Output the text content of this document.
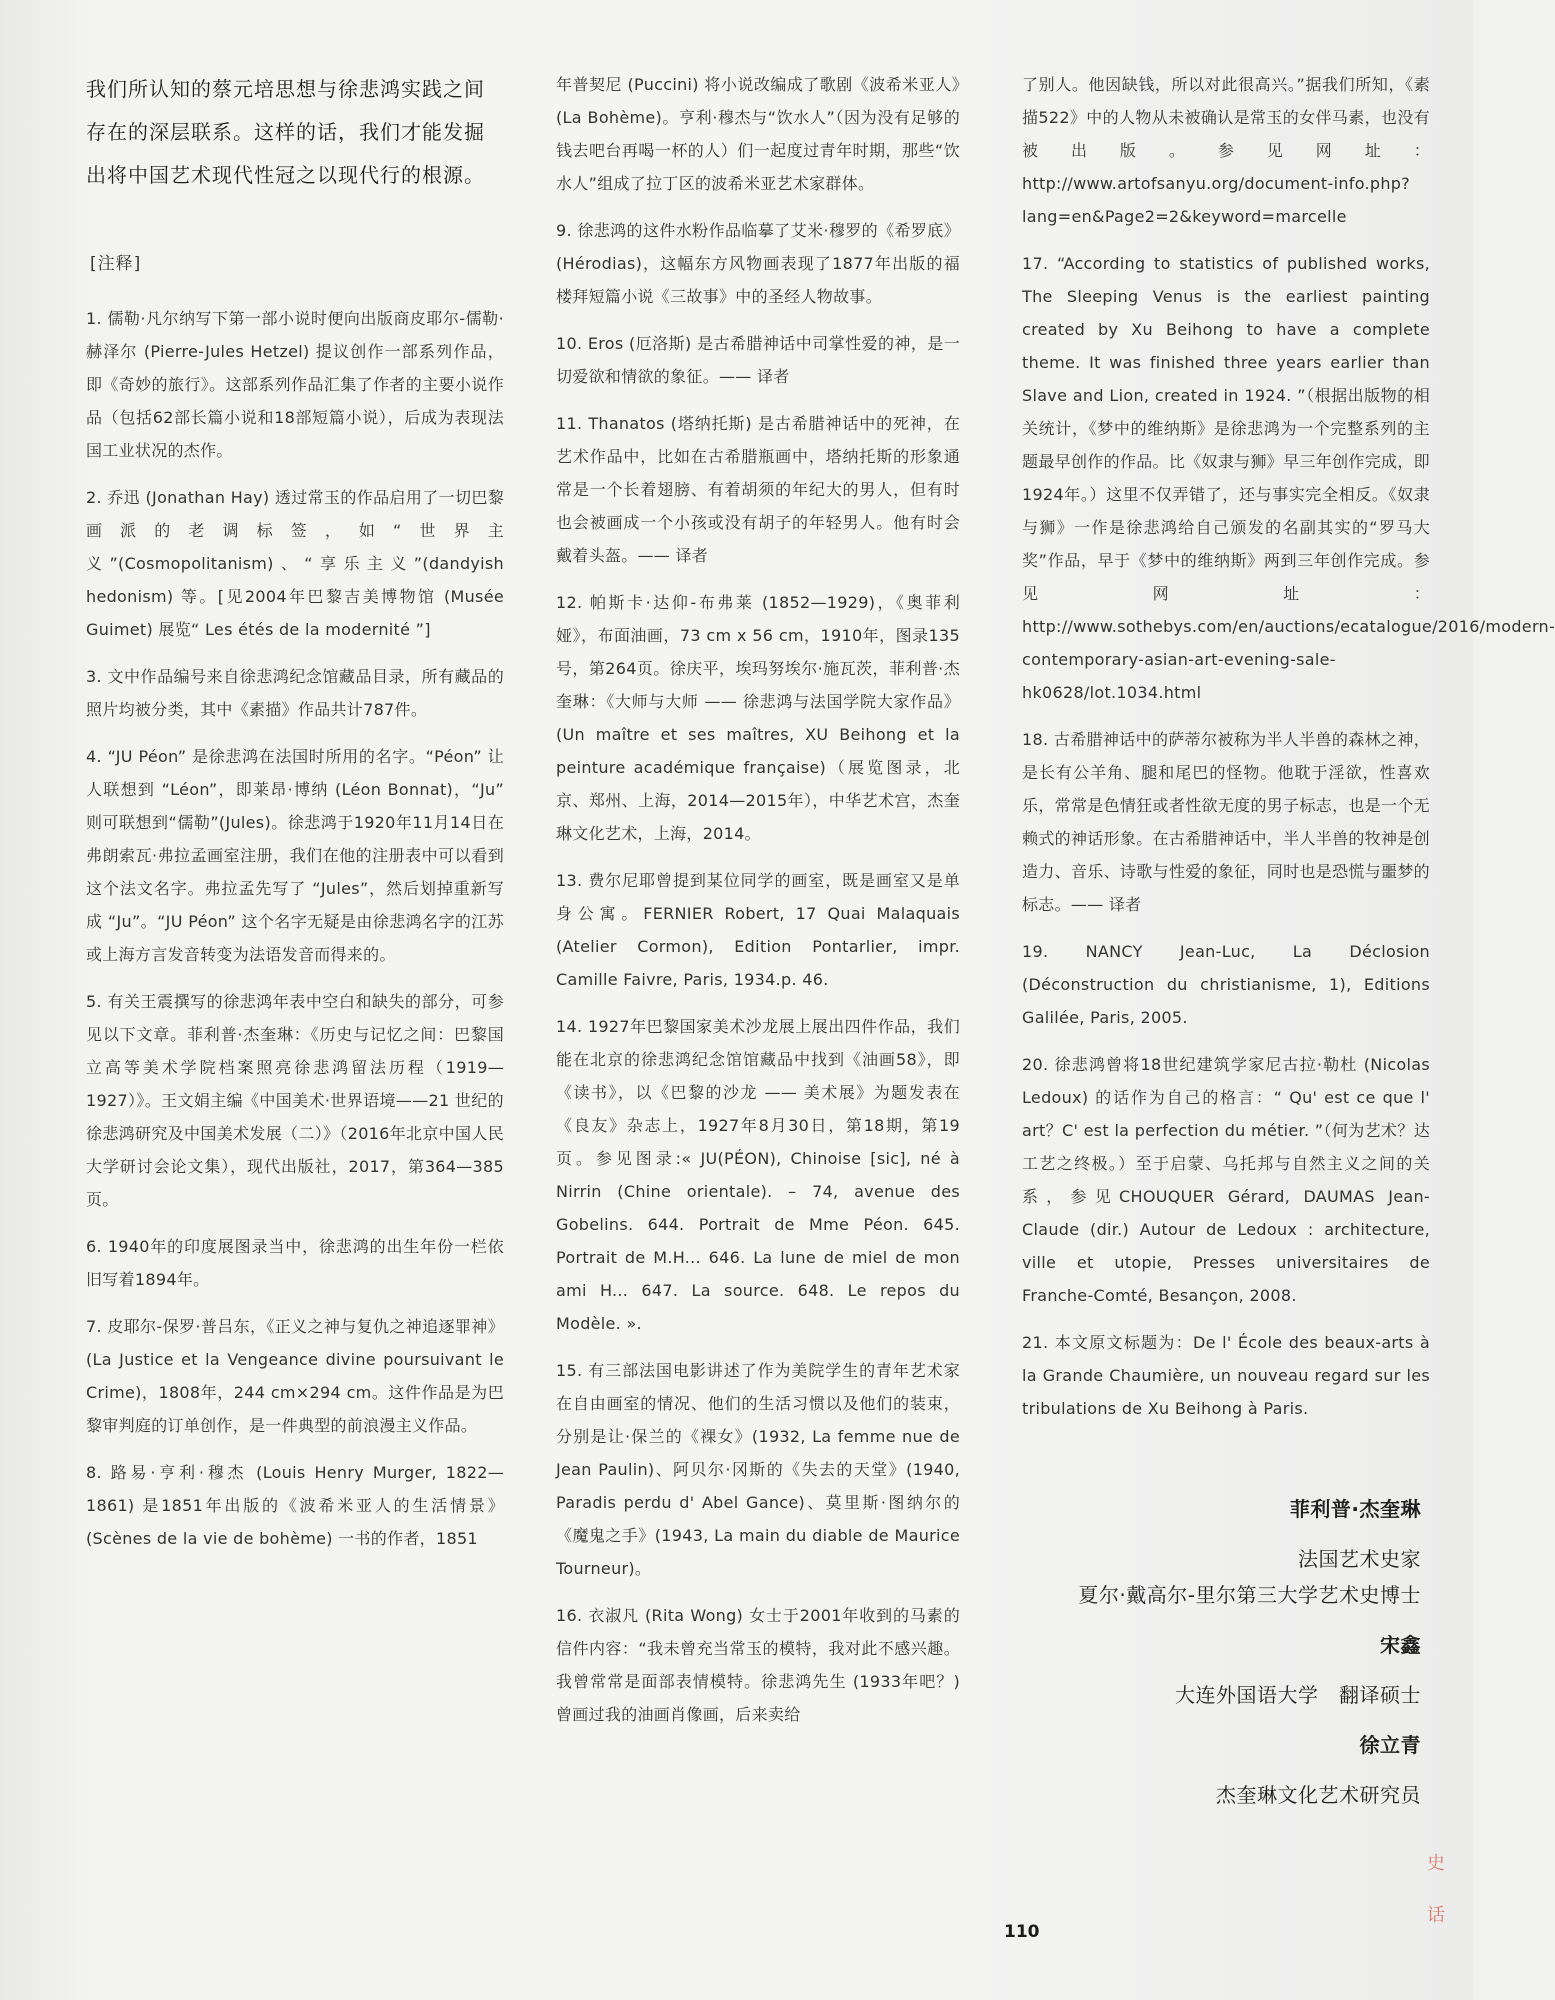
我们所认知的蔡元培思想与徐悲鸿实践之间存在的深层联系。这样的话，我们才能发掘出将中国艺术现代性冠之以现代行的根源。

[注释]

1. 儒勒·凡尔纳写下第一部小说时便向出版商皮耶尔-儒勒·赫泽尔 (Pierre-Jules Hetzel) 提议创作一部系列作品，即《奇妙的旅行》。这部系列作品汇集了作者的主要小说作品（包括62部长篇小说和18部短篇小说），后成为表现法国工业状况的杰作。

2. 乔迅 (Jonathan Hay) 透过常玉的作品启用了一切巴黎画派的老调标签，如“世界主义”(Cosmopolitanism)、“享乐主义”(dandyish hedonism) 等。[见2004年巴黎吉美博物馆 (Musée Guimet) 展览“ Les étés de la modernité ”]

3. 文中作品编号来自徐悲鸿纪念馆藏品目录，所有藏品的照片均被分类，其中《素描》作品共计787件。

4. “JU Péon” 是徐悲鸿在法国时所用的名字。“Péon” 让人联想到 “Léon”，即莱昂·博纳 (Léon Bonnat)，“Ju” 则可联想到“儒勒”(Jules)。徐悲鸿于1920年11月14日在弗朗索瓦·弗拉孟画室注册，我们在他的注册表中可以看到这个法文名字。弗拉孟先写了 “Jules”，然后划掉重新写成 “Ju”。“JU Péon” 这个名字无疑是由徐悲鸿名字的江苏或上海方言发音转变为法语发音而得来的。

5. 有关王震撰写的徐悲鸿年表中空白和缺失的部分，可参见以下文章。菲利普·杰奎琳：《历史与记忆之间：巴黎国立高等美术学院档案照亮徐悲鸿留法历程（1919—1927）》。王文娟主编《中国美术·世界语境——21 世纪的徐悲鸿研究及中国美术发展（二）》（2016年北京中国人民大学研讨会论文集），现代出版社，2017，第364—385页。

6. 1940年的印度展图录当中，徐悲鸿的出生年份一栏依旧写着1894年。

7. 皮耶尔-保罗·普吕东，《正义之神与复仇之神追逐罪神》(La Justice et la Vengeance divine poursuivant le Crime)，1808年，244 cm×294 cm。这件作品是为巴黎审判庭的订单创作，是一件典型的前浪漫主义作品。

8. 路易·亨利·穆杰 (Louis Henry Murger, 1822—1861) 是1851年出版的《波希米亚人的生活情景》(Scènes de la vie de bohème) 一书的作者，1851

年普契尼 (Puccini) 将小说改编成了歌剧《波希米亚人》(La Bohème)。亨利·穆杰与“饮水人”（因为没有足够的钱去吧台再喝一杯的人）们一起度过青年时期，那些“饮水人”组成了拉丁区的波希米亚艺术家群体。

9. 徐悲鸿的这件水粉作品临摹了艾米·穆罗的《希罗底》(Hérodias)，这幅东方风物画表现了1877年出版的福楼拜短篇小说《三故事》中的圣经人物故事。

10. Eros (厄洛斯) 是古希腊神话中司掌性爱的神，是一切爱欲和情欲的象征。—— 译者

11. Thanatos (塔纳托斯) 是古希腊神话中的死神，在艺术作品中，比如在古希腊瓶画中，塔纳托斯的形象通常是一个长着翅膀、有着胡须的年纪大的男人，但有时也会被画成一个小孩或没有胡子的年轻男人。他有时会戴着头盔。—— 译者

12. 帕斯卡·达仰-布弗莱 (1852—1929)，《奥菲利娅》，布面油画，73 cm x 56 cm，1910年，图录135号，第264页。徐庆平，埃玛努埃尔·施瓦茨，菲利普·杰奎琳：《大师与大师 —— 徐悲鸿与法国学院大家作品》(Un maître et ses maîtres, XU Beihong et la peinture académique française)（展览图录，北京、郑州、上海，2014—2015年），中华艺术宫，杰奎琳文化艺术，上海，2014。

13. 费尔尼耶曾提到某位同学的画室，既是画室又是单身公寓。FERNIER Robert, 17 Quai Malaquais (Atelier Cormon), Edition Pontarlier, impr. Camille Faivre, Paris, 1934.p. 46.

14. 1927年巴黎国家美术沙龙展上展出四件作品，我们能在北京的徐悲鸿纪念馆馆藏品中找到《油画58》，即《读书》，以《巴黎的沙龙 —— 美术展》为题发表在《良友》杂志上，1927年8月30日，第18期，第19页。参见图录:« JU(PÉON), Chinoise [sic], né à Nirrin (Chine orientale). – 74, avenue des Gobelins. 644. Portrait de Mme Péon. 645. Portrait de M.H... 646. La lune de miel de mon ami H... 647. La source. 648. Le repos du Modèle. ».

15. 有三部法国电影讲述了作为美院学生的青年艺术家在自由画室的情况、他们的生活习惯以及他们的装束，分别是让·保兰的《裸女》(1932, La femme nue de Jean Paulin)、阿贝尔·冈斯的《失去的天堂》(1940, Paradis perdu d' Abel Gance)、莫里斯·图纳尔的《魔鬼之手》(1943, La main du diable de Maurice Tourneur)。

16. 衣淑凡 (Rita Wong) 女士于2001年收到的马素的信件内容：“我未曾充当常玉的模特，我对此不感兴趣。我曾常常是面部表情模特。徐悲鸿先生 (1933年吧？) 曾画过我的油画肖像画，后来卖给

了别人。他因缺钱，所以对此很高兴。”据我们所知，《素描522》中的人物从未被确认是常玉的女伴马素，也没有被出版。参见网址：http://www.artofsanyu.org/document-info.php?lang=en&Page2=2&keyword=marcelle

17. “According to statistics of published works, The Sleeping Venus is the earliest painting created by Xu Beihong to have a complete theme. It was finished three years earlier than Slave and Lion, created in 1924. ”（根据出版物的相关统计，《梦中的维纳斯》是徐悲鸿为一个完整系列的主题最早创作的作品。比《奴隶与狮》早三年创作完成，即1924年。）这里不仅弄错了，还与事实完全相反。《奴隶与狮》一作是徐悲鸿给自己颁发的名副其实的“罗马大奖”作品，早于《梦中的维纳斯》两到三年创作完成。参见网址：http://www.sothebys.com/en/auctions/ecatalogue/2016/modern-contemporary-asian-art-evening-sale-hk0628/lot.1034.html

18. 古希腊神话中的萨蒂尔被称为半人半兽的森林之神，是长有公羊角、腿和尾巴的怪物。他耽于淫欲，性喜欢乐，常常是色情狂或者性欲无度的男子标志，也是一个无赖式的神话形象。在古希腊神话中，半人半兽的牧神是创造力、音乐、诗歌与性爱的象征，同时也是恐慌与噩梦的标志。—— 译者

19. NANCY Jean-Luc, La Déclosion (Déconstruction du christianisme, 1), Editions Galilée, Paris, 2005.

20. 徐悲鸿曾将18世纪建筑学家尼古拉·勒杜 (Nicolas Ledoux) 的话作为自己的格言：“ Qu' est ce que l' art？C' est la perfection du métier. ”（何为艺术？达工艺之终极。）至于启蒙、乌托邦与自然主义之间的关系，参见CHOUQUER Gérard, DAUMAS Jean-Claude (dir.) Autour de Ledoux : architecture, ville et utopie, Presses universitaires de Franche-Comté, Besançon, 2008.

21. 本文原文标题为：De l' École des beaux-arts à la Grande Chaumière, un nouveau regard sur les tribulations de Xu Beihong à Paris.

菲利普·杰奎琳
法国艺术史家
夏尔·戴高尔-里尔第三大学艺术史博士
宋鑫
大连外国语大学　翻译硕士
徐立青
杰奎琳文化艺术研究员
史
话
110
